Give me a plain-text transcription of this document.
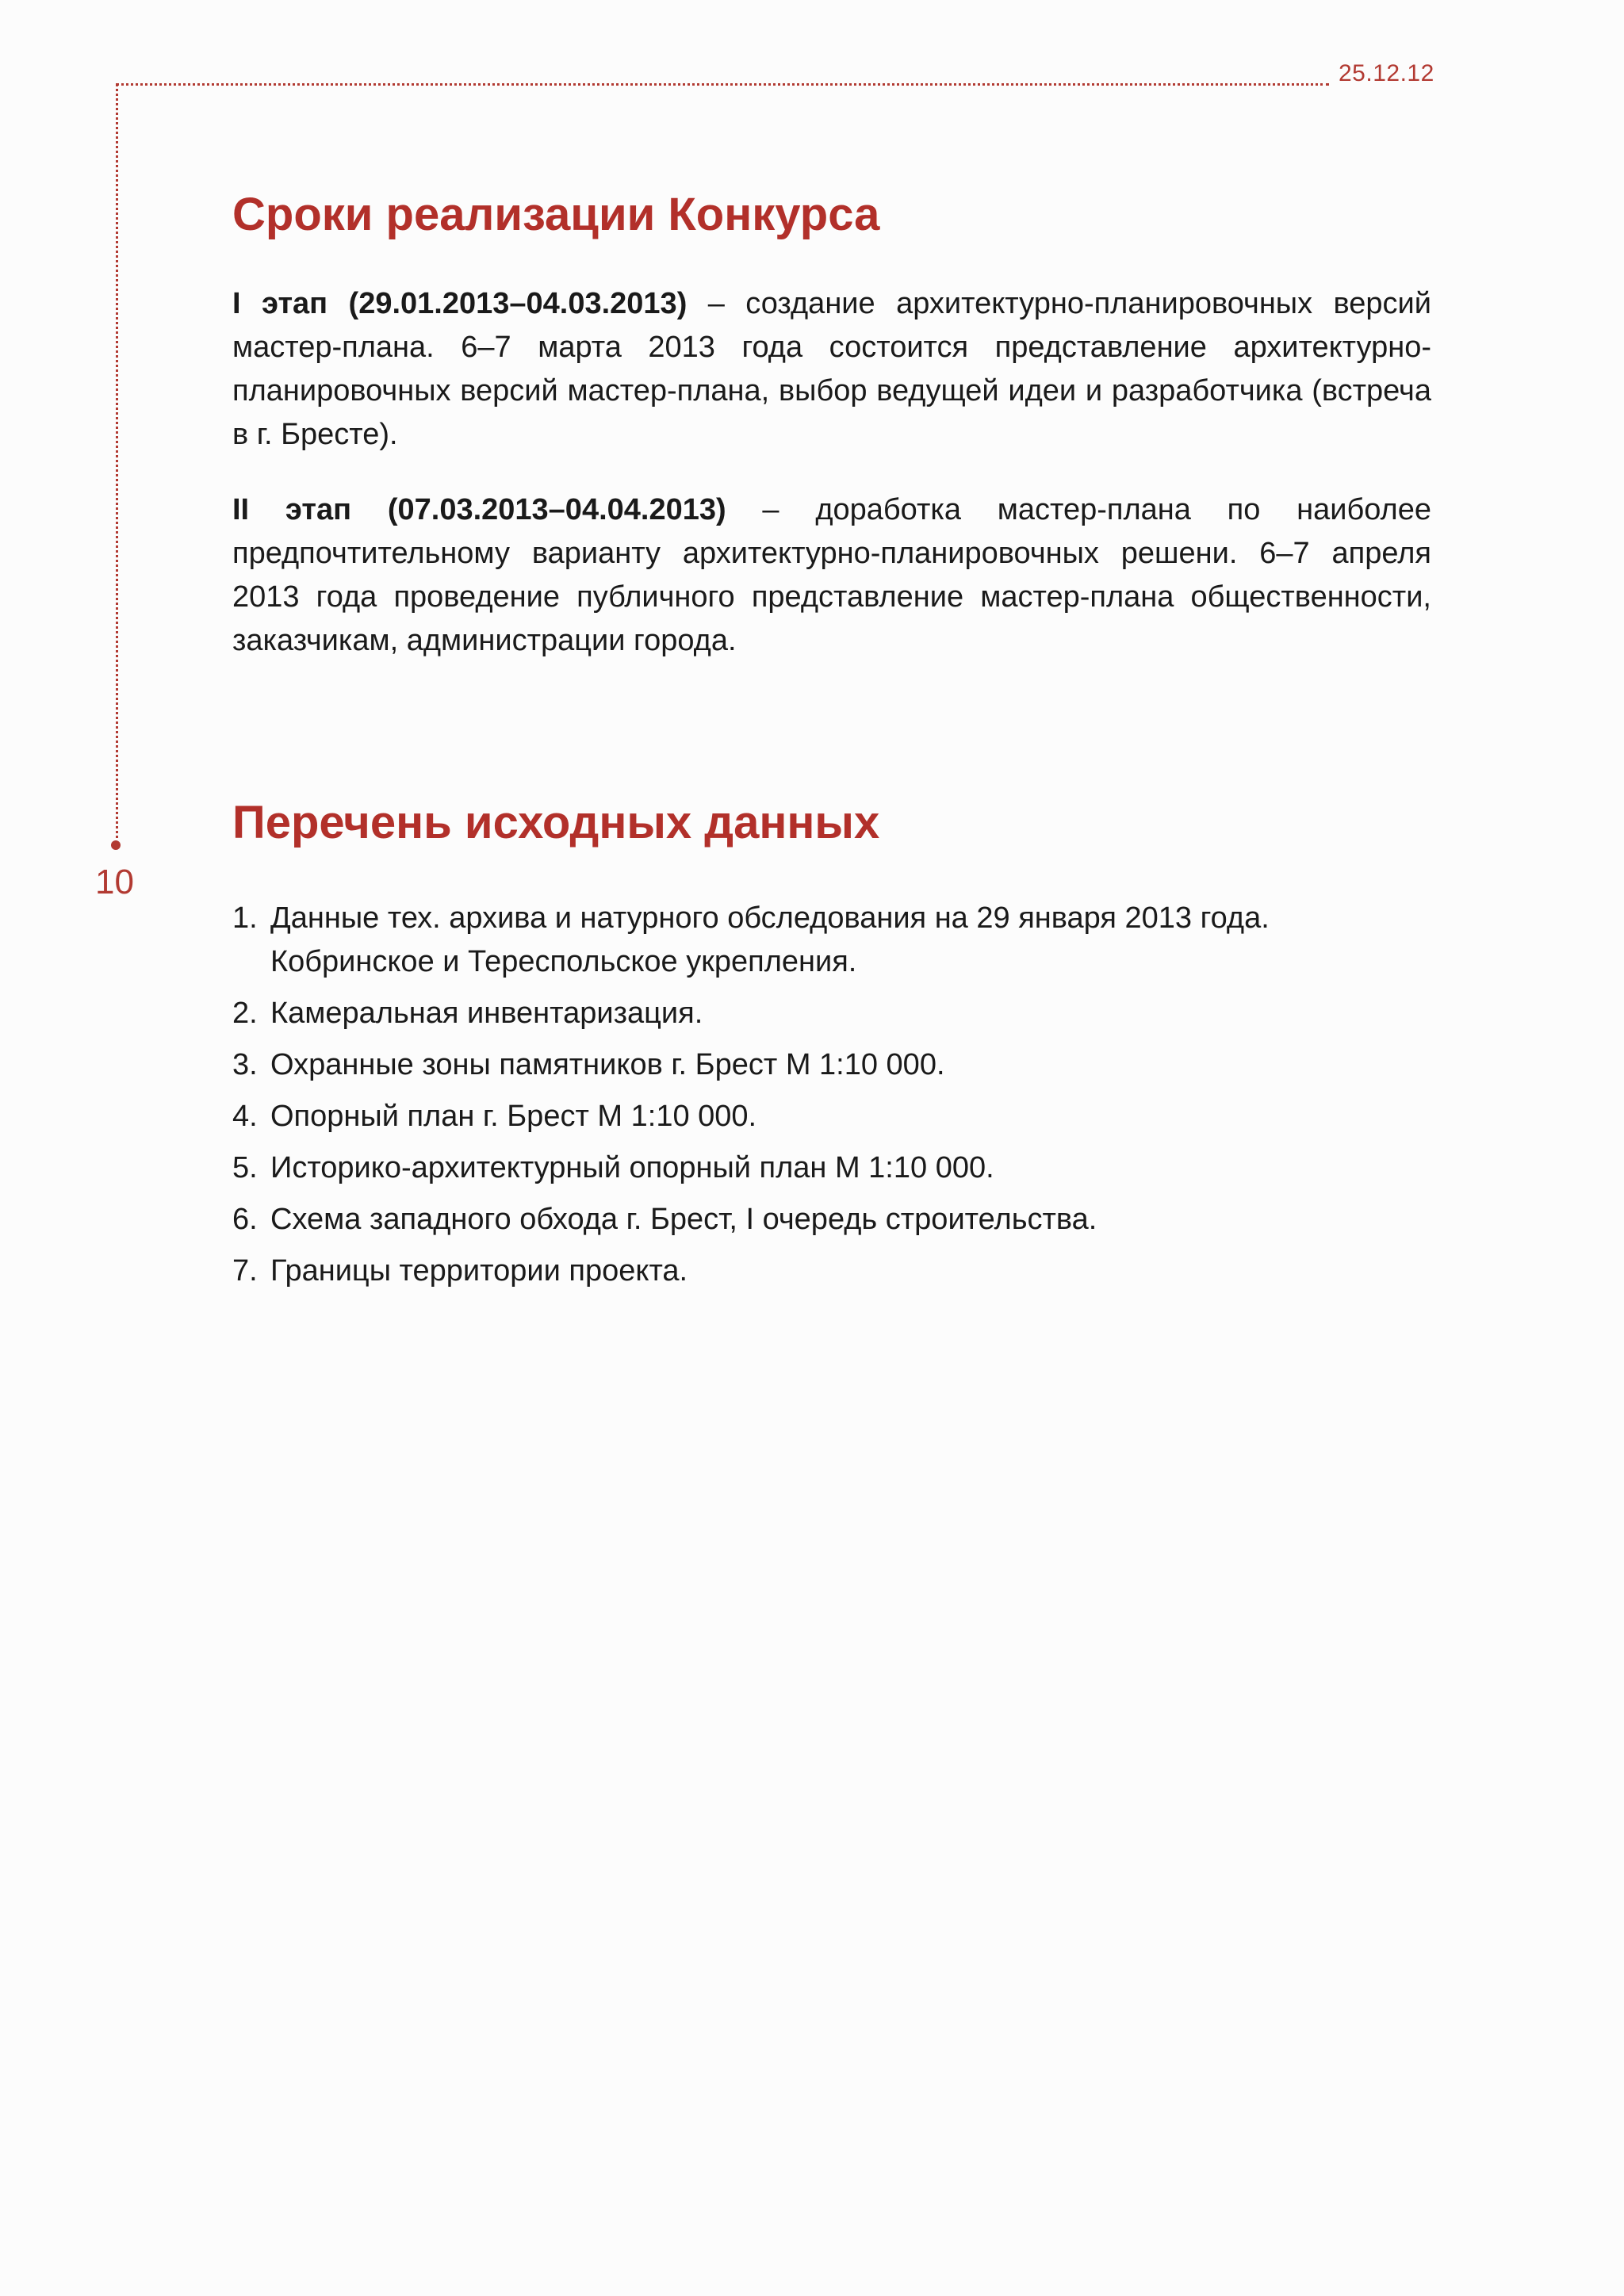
25.12.12
10
Сроки реализации Конкурса

I этап (29.01.2013–04.03.2013) – создание архитектурно-планировочных версий мастер-плана. 6–7 марта 2013 года состоится представление архитектурно-планировочных версий мастер-плана, выбор ведущей идеи и разработчика (встреча в г. Бресте).

II этап (07.03.2013–04.04.2013) – доработка мастер-плана по наиболее предпочтительному варианту архитектурно-планировочных решени. 6–7 апреля 2013 года проведение публичного представление мастер-плана общественности, заказчикам, администрации города.

Перечень исходных данных
1. Данные тех. архива и натурного обследования на 29 января 2013 года.
Кобринское и Тереспольское укрепления.
2. Камеральная инвентаризация.
3. Охранные зоны памятников г. Брест М 1:10 000.
4. Опорный план г. Брест М 1:10 000.
5. Историко-архитектурный опорный план М 1:10 000.
6. Схема западного обхода г. Брест, I очередь строительства.
7. Границы территории проекта.
